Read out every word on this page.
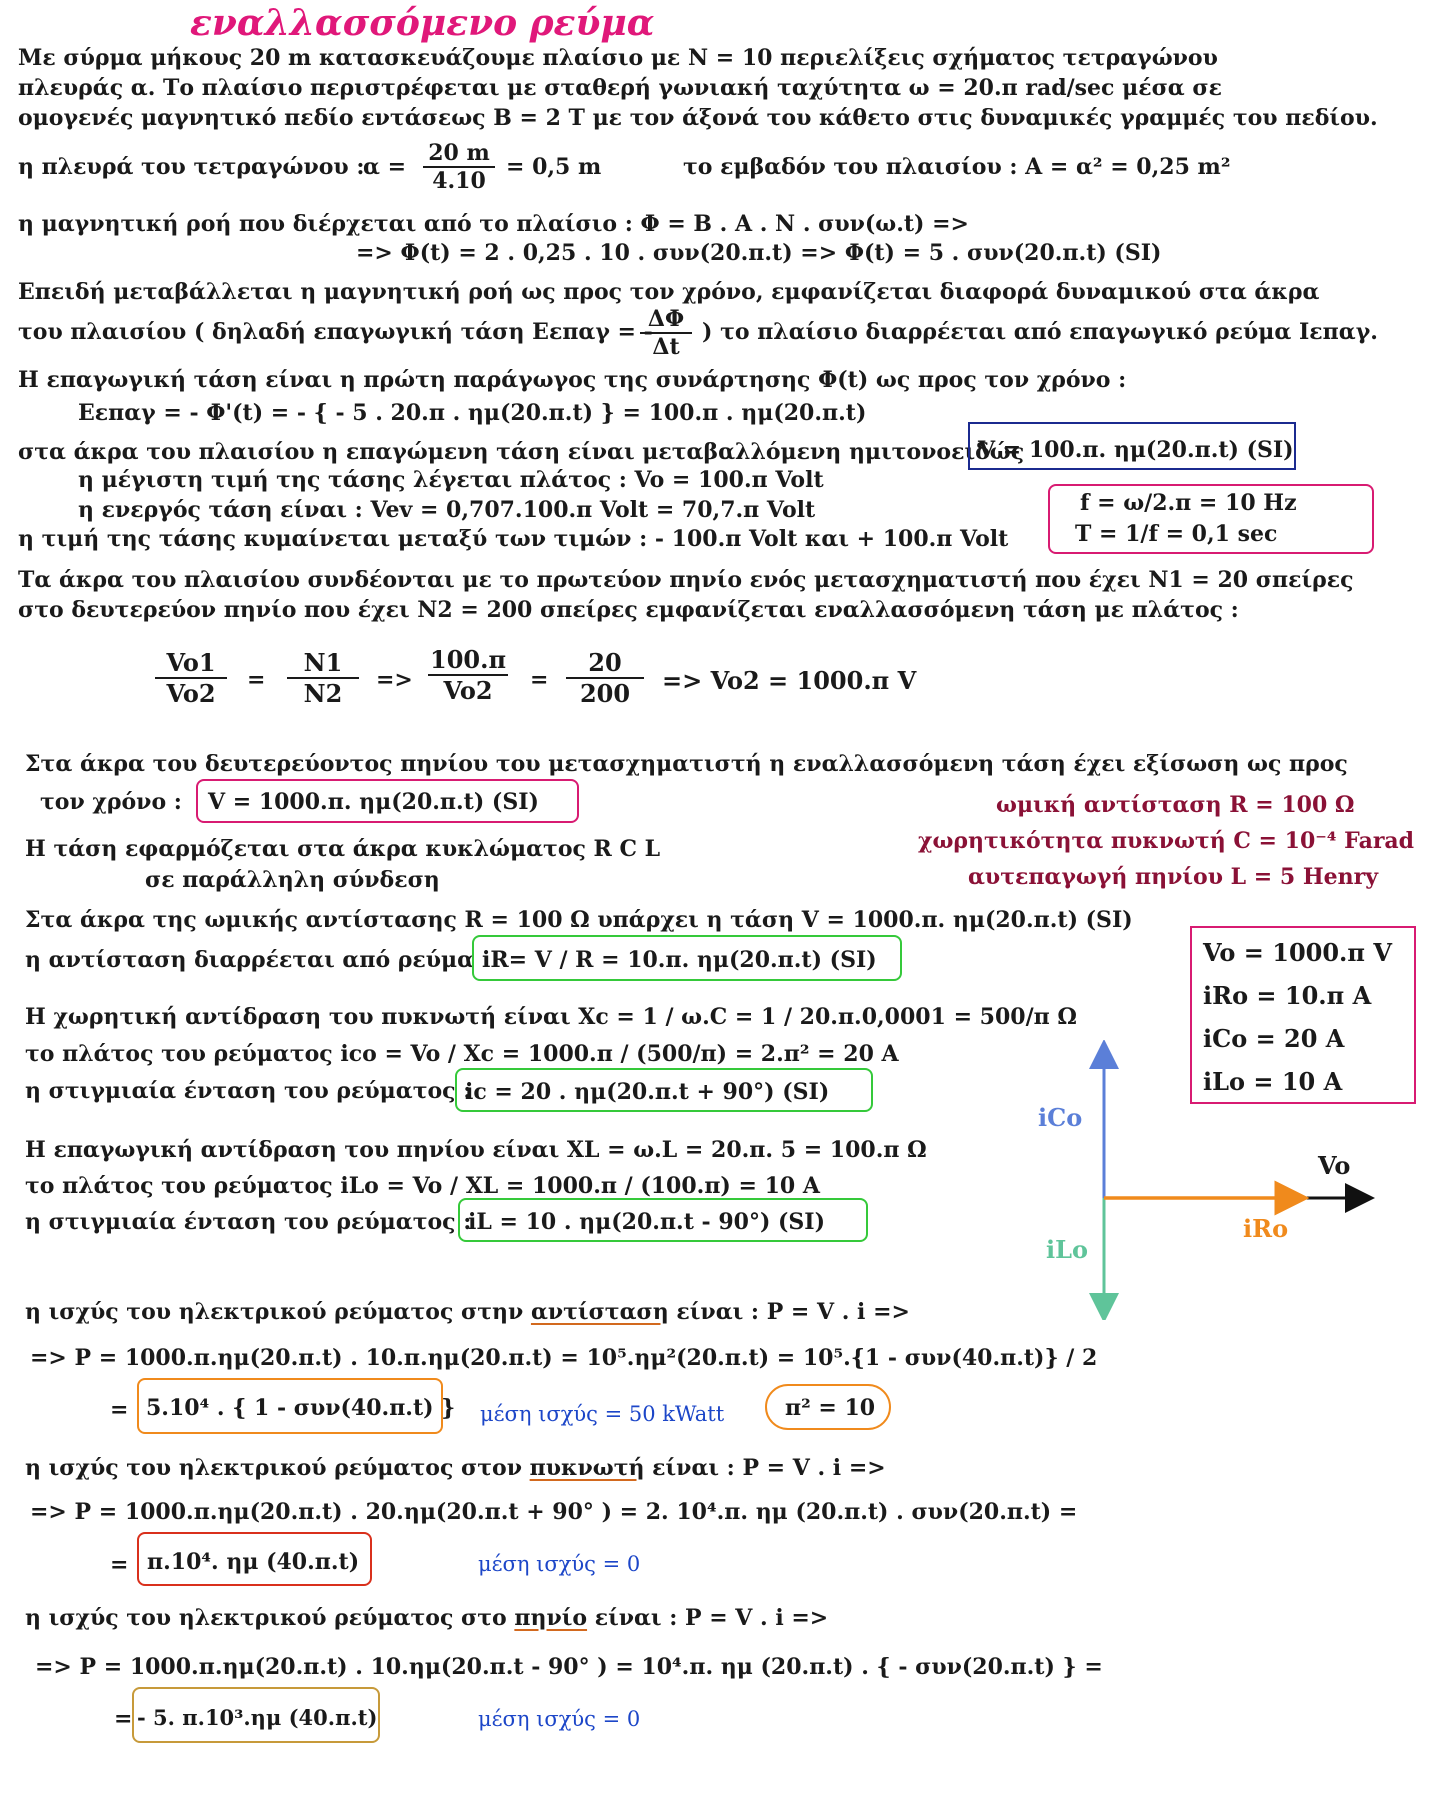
εναλλασσόμενο ρεύμα
Με σύρμα μήκους 20 m κατασκευάζουμε πλαίσιο με N = 10 περιελίξεις σχήματος τετραγώνου
πλευράς α. Το πλαίσιο περιστρέφεται με σταθερή γωνιακή ταχύτητα ω = 20.π rad/sec μέσα σε
ομογενές μαγνητικό πεδίο εντάσεως B = 2 T με τον άξονά του κάθετο στις δυναμικές γραμμές του πεδίου.
η πλευρά του τετραγώνου :
α =
20 m
4.10
= 0,5 m	το εμβαδόν του πλαισίου : A = α² = 0,25 m²
η μαγνητική ροή που διέρχεται από το πλαίσιο : Φ = B . A . N . συν(ω.t) =>
=> Φ(t) = 2 . 0,25 . 10 . συν(20.π.t) => Φ(t) = 5 . συν(20.π.t) (SI)
Επειδή μεταβάλλεται η μαγνητική ροή ως προς τον χρόνο, εμφανίζεται διαφορά δυναμικού στα άκρα
του πλαισίου ( δηλαδή επαγωγική τάση Eεπαγ = -
ΔΦ
Δt
) το πλαίσιο διαρρέεται από επαγωγικό ρεύμα Iεπαγ.
Η επαγωγική τάση είναι η πρώτη παράγωγος της συνάρτησης Φ(t) ως προς τον χρόνο :
Eεπαγ = - Φ'(t) = - { - 5 . 20.π . ημ(20.π.t) } = 100.π . ημ(20.π.t)
στα άκρα του πλαισίου η επαγώμενη τάση είναι μεταβαλλόμενη ημιτονοειδώς
V = 100.π. ημ(20.π.t) (SI)
η μέγιστη τιμή της τάσης λέγεται πλάτος : Vo = 100.π Volt
η ενεργός τάση είναι : Vev = 0,707.100.π Volt = 70,7.π Volt
η τιμή της τάσης κυμαίνεται μεταξύ των τιμών : - 100.π Volt και + 100.π Volt
f = ω/2.π = 10 Hz
T = 1/f = 0,1 sec
Τα άκρα του πλαισίου συνδέονται με το πρωτεύον πηνίο ενός μετασχηματιστή που έχει N1 = 20 σπείρες
στο δευτερεύον πηνίο που έχει N2 = 200 σπείρες εμφανίζεται εναλλασσόμενη τάση με πλάτος :
Vo1
Vo2	=
N1
N2	=>
100.π
Vo2	=
20
200	=> Vo2 = 1000.π V
Στα άκρα του δευτερεύοντος πηνίου του μετασχηματιστή η εναλλασσόμενη τάση έχει εξίσωση ως προς
τον χρόνο : V = 1000.π. ημ(20.π.t) (SI)
Η τάση εφαρμόζεται στα άκρα κυκλώματος R C L
σε παράλληλη σύνδεση
ωμική αντίσταση R = 100 Ω
χωρητικότητα πυκνωτή C = 10⁻⁴ Farad
αυτεπαγωγή πηνίου L = 5 Henry
Στα άκρα της ωμικής αντίστασης R = 100 Ω υπάρχει η τάση V = 1000.π. ημ(20.π.t) (SI)
η αντίσταση διαρρέεται από ρεύμα iR= V / R = 10.π. ημ(20.π.t) (SI)	Vo = 1000.π V
iRo = 10.π A
iCo = 20 A
iLo = 10 A
Η χωρητική αντίδραση του πυκνωτή είναι Xc = 1 / ω.C = 1 / 20.π.0,0001 = 500/π Ω
το πλάτος του ρεύματος ico = Vo / Xc = 1000.π / (500/π) = 2.π² = 20 A
η στιγμιαία ένταση του ρεύματος :
ic = 20 . ημ(20.π.t + 90°) (SI)
Η επαγωγική αντίδραση του πηνίου είναι XL = ω.L = 20.π. 5 = 100.π Ω
το πλάτος του ρεύματος iLo = Vo / XL = 1000.π / (100.π) = 10 A
η στιγμιαία ένταση του ρεύματος :
iL = 10 . ημ(20.π.t - 90°) (SI)
iCo
iLo
iRo
Vo
η ισχύς του ηλεκτρικού ρεύματος στην αντίσταση είναι : P = V . i =>
=> P = 1000.π.ημ(20.π.t) . 10.π.ημ(20.π.t) = 10⁵.ημ²(20.π.t) = 10⁵.{1 - συν(40.π.t)} / 2
= 5.10⁴ . { 1 - συν(40.π.t) } μέση ισχύς = 50 kWatt	π² = 10
η ισχύς του ηλεκτρικού ρεύματος στον πυκνωτή είναι : P = V . i =>
=> P = 1000.π.ημ(20.π.t) . 20.ημ(20.π.t + 90° ) = 2. 10⁴.π. ημ (20.π.t) . συν(20.π.t) =
= π.10⁴. ημ (40.π.t)	μέση ισχύς = 0
η ισχύς του ηλεκτρικού ρεύματος στο πηνίο είναι : P = V . i =>
=> P = 1000.π.ημ(20.π.t) . 10.ημ(20.π.t - 90° ) = 10⁴.π. ημ (20.π.t) . { - συν(20.π.t) } =
= - 5. π.10³.ημ (40.π.t)	μέση ισχύς = 0
